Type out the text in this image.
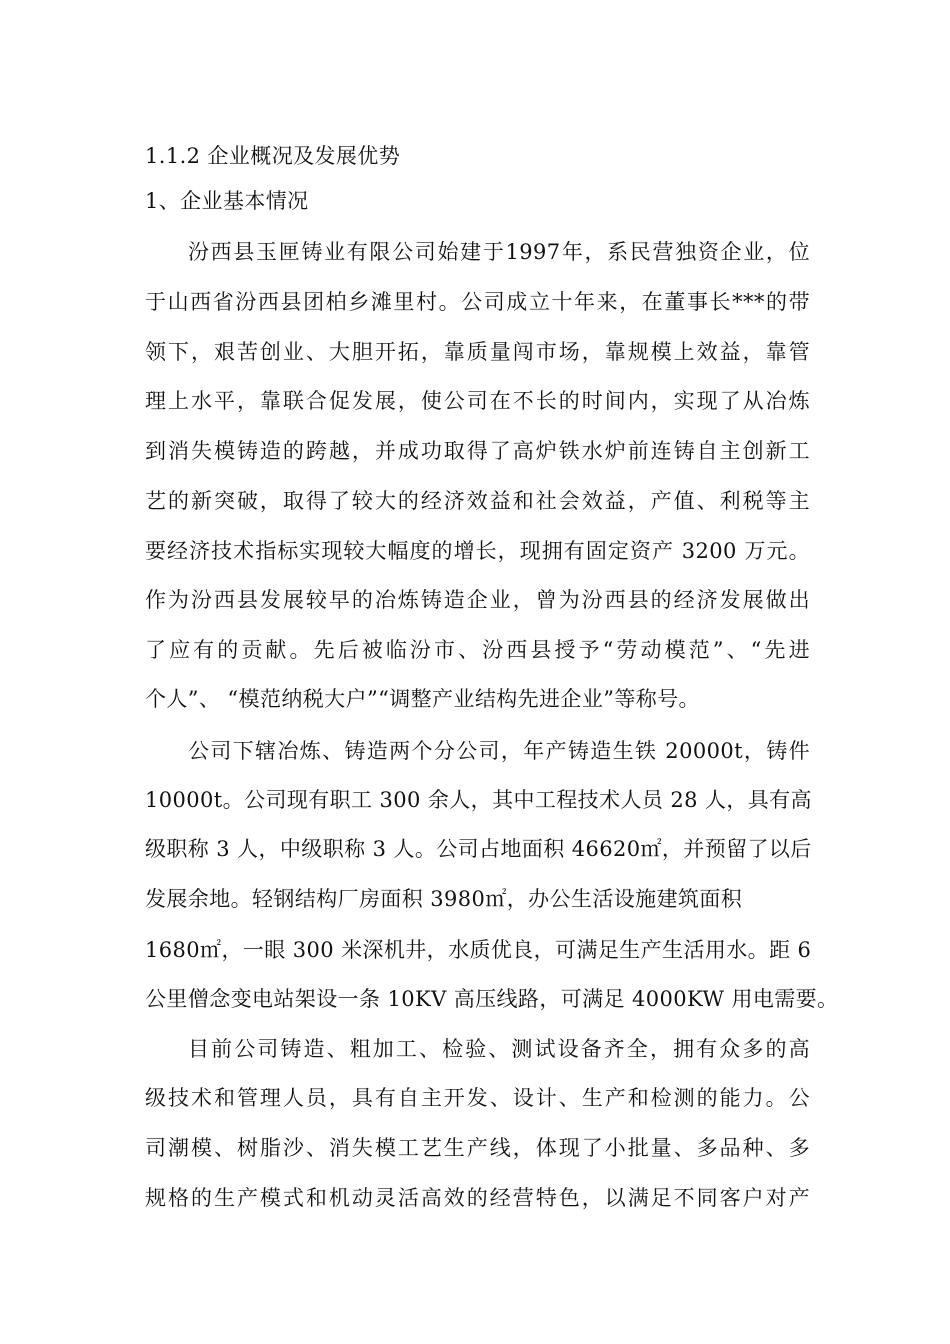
1.1.2 企业概况及发展优势
1、企业基本情况
汾西县玉匣铸业有限公司始建于1997年，系民营独资企业，位
于山西省汾西县团柏乡滩里村。公司成立十年来，在董事长***的带
领下，艰苦创业、大胆开拓，靠质量闯市场，靠规模上效益，靠管
理上水平，靠联合促发展，使公司在不长的时间内，实现了从冶炼
到消失模铸造的跨越，并成功取得了高炉铁水炉前连铸自主创新工
艺的新突破，取得了较大的经济效益和社会效益，产值、利税等主
要经济技术指标实现较大幅度的增长，现拥有固定资产 3200 万元。
作为汾西县发展较早的冶炼铸造企业，曾为汾西县的经济发展做出
了应有的贡献。先后被临汾市、汾西县授予“劳动模范”、“先进
个人”、 “模范纳税大户”“调整产业结构先进企业”等称号。
公司下辖冶炼、铸造两个分公司，年产铸造生铁 20000t，铸件
10000t。公司现有职工 300 余人，其中工程技术人员 28 人，具有高
级职称 3 人，中级职称 3 人。公司占地面积 46620㎡，并预留了以后
发展余地。轻钢结构厂房面积 3980㎡，办公生活设施建筑面积
1680㎡，一眼 300 米深机井，水质优良，可满足生产生活用水。距 6
公里僧念变电站架设一条 10KV 高压线路，可满足 4000KW 用电需要。
目前公司铸造、粗加工、检验、测试设备齐全，拥有众多的高
级技术和管理人员，具有自主开发、设计、生产和检测的能力。公
司潮模、树脂沙、消失模工艺生产线，体现了小批量、多品种、多
规格的生产模式和机动灵活高效的经营特色，以满足不同客户对产
